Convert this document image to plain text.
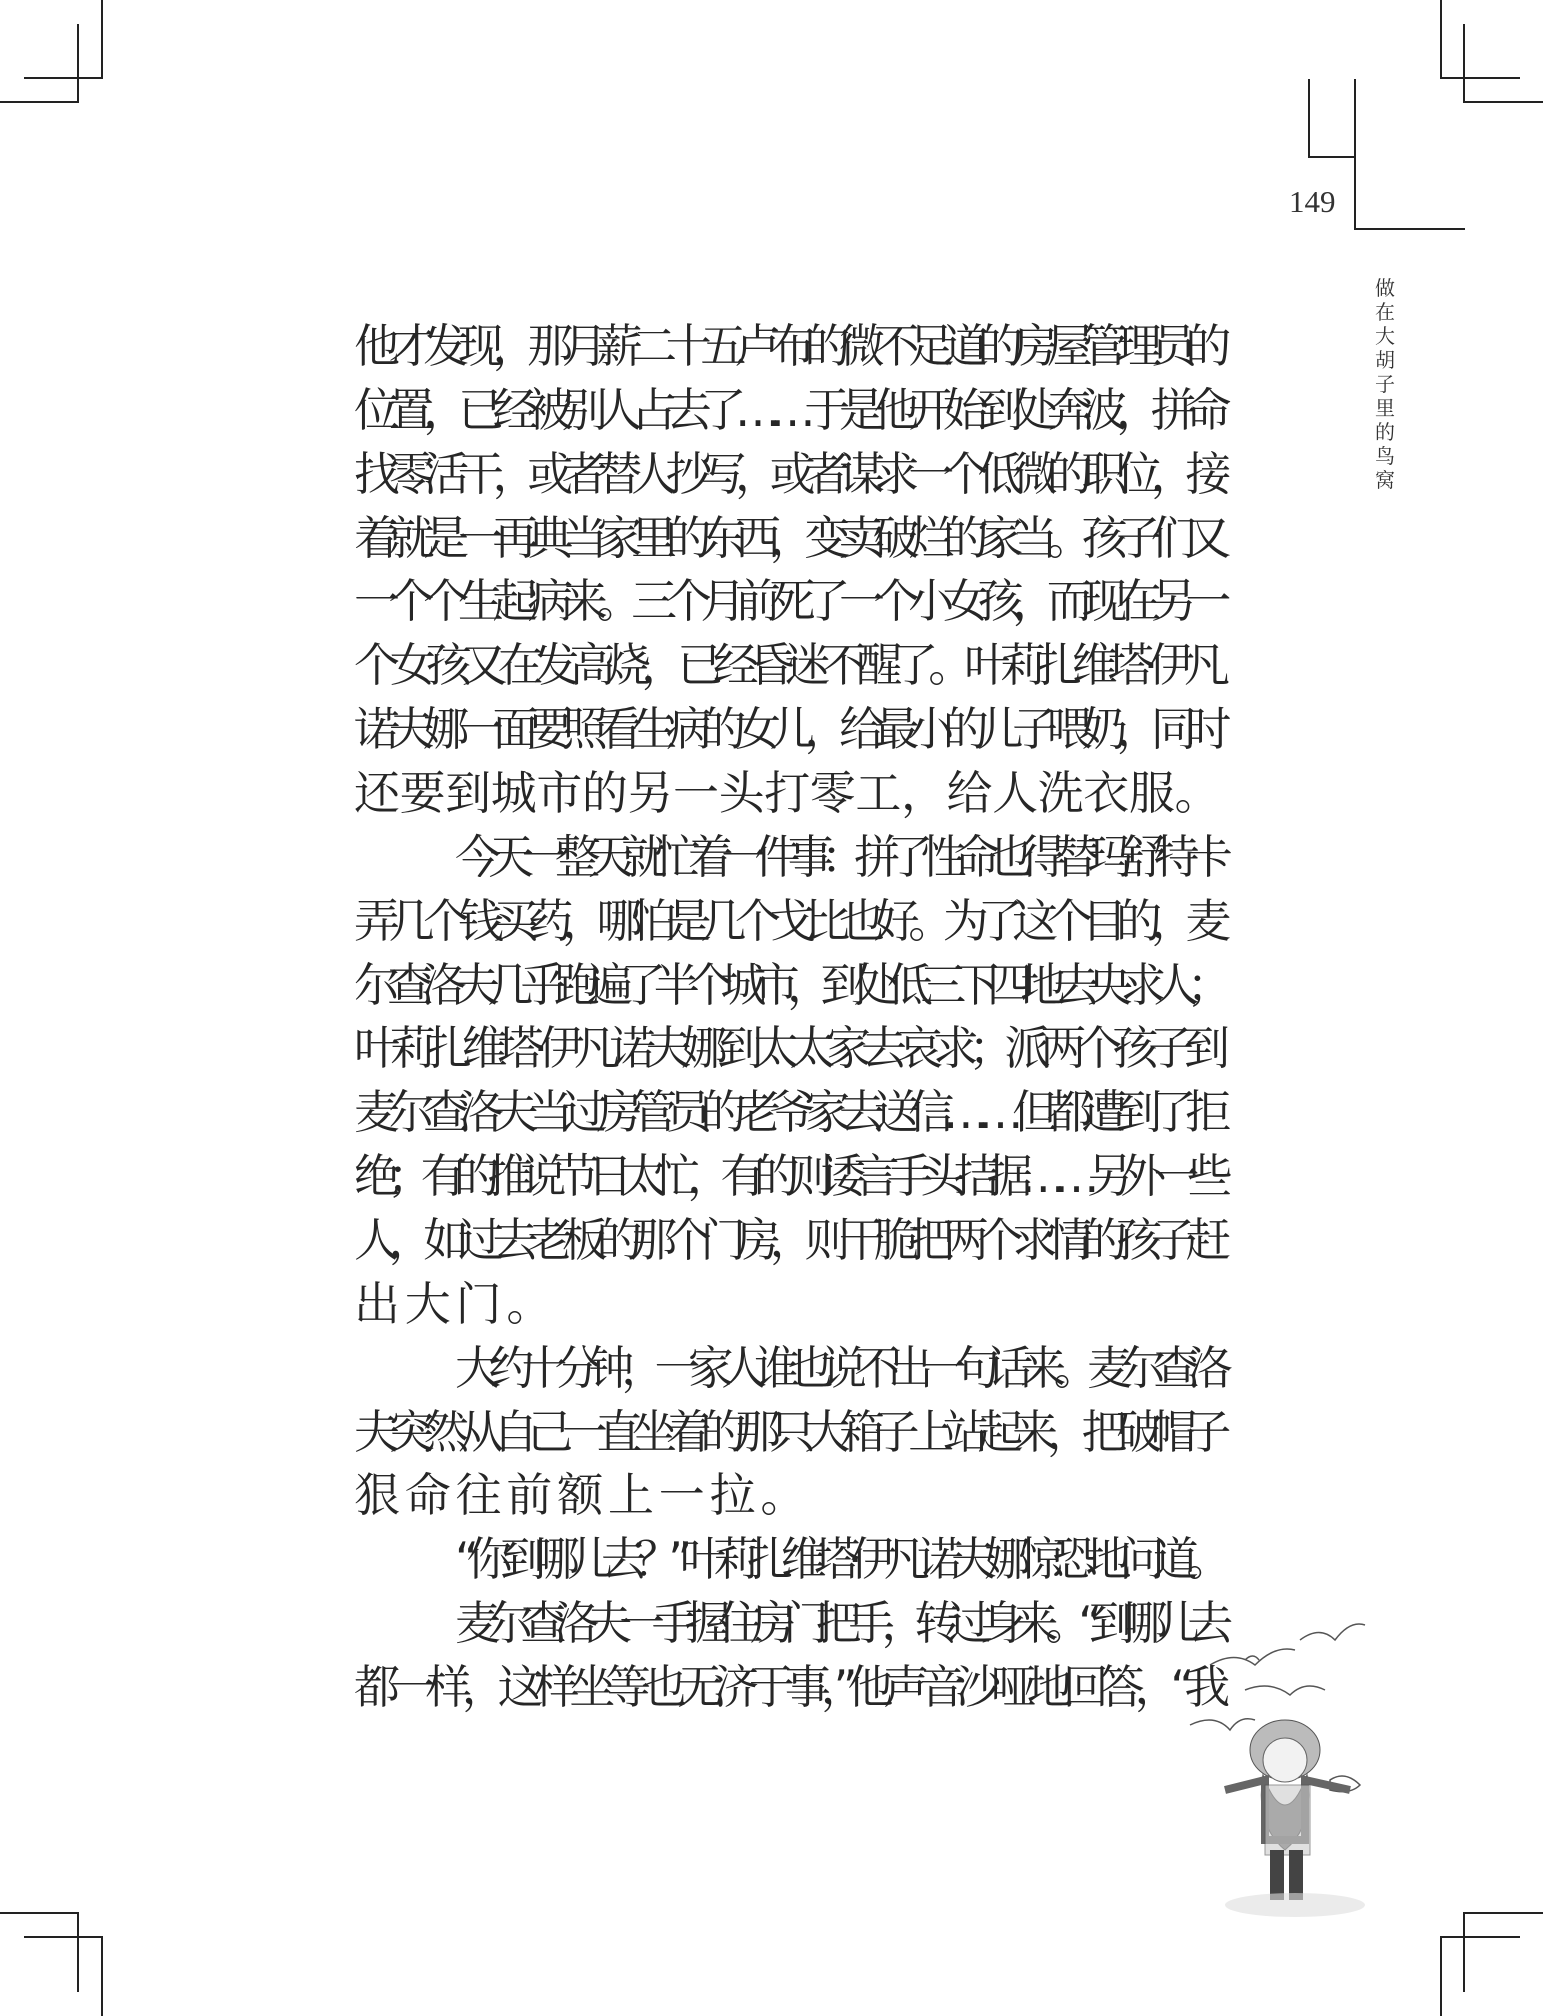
149
做
在
大
胡
子
里
的
鸟
窝
他才发现，那月薪二十五卢布的微不足道的房屋管理员的
位置，已经被别人占去了……于是他开始到处奔波，拼命
找零活干，或者替人抄写，或者谋求一个低微的职位，接
着就是一再典当家里的东西，变卖破烂的家当。孩子们又
一个个生起病来。三个月前死了一个小女孩，而现在另一
个女孩又在发高烧，已经昏迷不醒了。叶莉扎维塔·伊凡
诺夫娜一面要照看生病的女儿，给最小的儿子喂奶，同时
还要到城市的另一头打零工，给人洗衣服。
今天一整天就忙着一件事：拼了性命也得替玛舒特卡
弄几个钱买药，哪怕是几个戈比也好。为了这个目的，麦
尔查洛夫几乎跑遍了半个城市，到处低三下四地去央求人；
叶莉扎维塔·伊凡诺夫娜到太太家去哀求；派两个孩子到
麦尔查洛夫当过房管员的老爷家去送信……但都遭到了拒
绝；有的推说节日太忙，有的则诿言手头拮据……另外一些
人，如过去老板的那个门房，则干脆把两个求情的孩子赶
出大门。
大约十分钟，一家人谁也说不出一句话来。麦尔查洛
夫突然从自己一直坐着的那只大箱子上站起来，把破帽子
狠命往前额上一拉。
“你到哪儿去？”叶莉扎维塔·伊凡诺夫娜惊恐地问道。
麦尔查洛夫一手握住房门把手，转过身来。“到哪儿去
都一样，这样坐等也无济于事，”他声音沙哑地回答，“我
